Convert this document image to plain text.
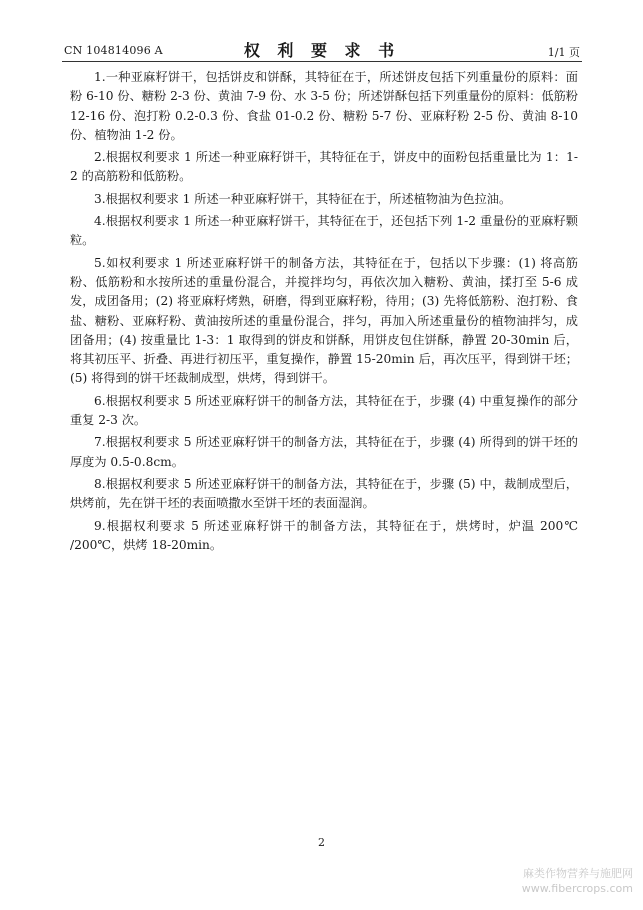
CN 104814096 A	权 利 要 求 书	1/1 页

1.一种亚麻籽饼干，包括饼皮和饼酥，其特征在于，所述饼皮包括下列重量份的原料：面粉 6-10 份、糖粉 2-3 份、黄油 7-9 份、水 3-5 份；所述饼酥包括下列重量份的原料：低筋粉 12-16 份、泡打粉 0.2-0.3 份、食盐 01-0.2 份、糖粉 5-7 份、亚麻籽粉 2-5 份、黄油 8-10 份、植物油 1-2 份。

2.根据权利要求 1 所述一种亚麻籽饼干，其特征在于，饼皮中的面粉包括重量比为 1：1-2 的高筋粉和低筋粉。

3.根据权利要求 1 所述一种亚麻籽饼干，其特征在于，所述植物油为色拉油。

4.根据权利要求 1 所述一种亚麻籽饼干，其特征在于，还包括下列 1-2 重量份的亚麻籽颗粒。

5.如权利要求 1 所述亚麻籽饼干的制备方法，其特征在于，包括以下步骤：(1) 将高筋粉、低筋粉和水按所述的重量份混合，并搅拌均匀，再依次加入糖粉、黄油，揉打至 5-6 成发，成团备用；(2) 将亚麻籽烤熟，研磨，得到亚麻籽粉，待用；(3) 先将低筋粉、泡打粉、食盐、糖粉、亚麻籽粉、黄油按所述的重量份混合，拌匀，再加入所述重量份的植物油拌匀，成团备用；(4) 按重量比 1-3：1 取得到的饼皮和饼酥，用饼皮包住饼酥，静置 20-30min 后，将其初压平、折叠、再进行初压平，重复操作，静置 15-20min 后，再次压平，得到饼干坯；(5) 将得到的饼干坯裁制成型，烘烤，得到饼干。

6.根据权利要求 5 所述亚麻籽饼干的制备方法，其特征在于，步骤 (4) 中重复操作的部分重复 2-3 次。

7.根据权利要求 5 所述亚麻籽饼干的制备方法，其特征在于，步骤 (4) 所得到的饼干坯的厚度为 0.5-0.8cm。

8.根据权利要求 5 所述亚麻籽饼干的制备方法，其特征在于，步骤 (5) 中，裁制成型后，烘烤前，先在饼干坯的表面喷撒水至饼干坯的表面湿润。

9.根据权利要求 5 所述亚麻籽饼干的制备方法，其特征在于，烘烤时，炉温 200℃ /200℃，烘烤 18-20min。

2
麻类作物营养与施肥网
www.fibercrops.com
